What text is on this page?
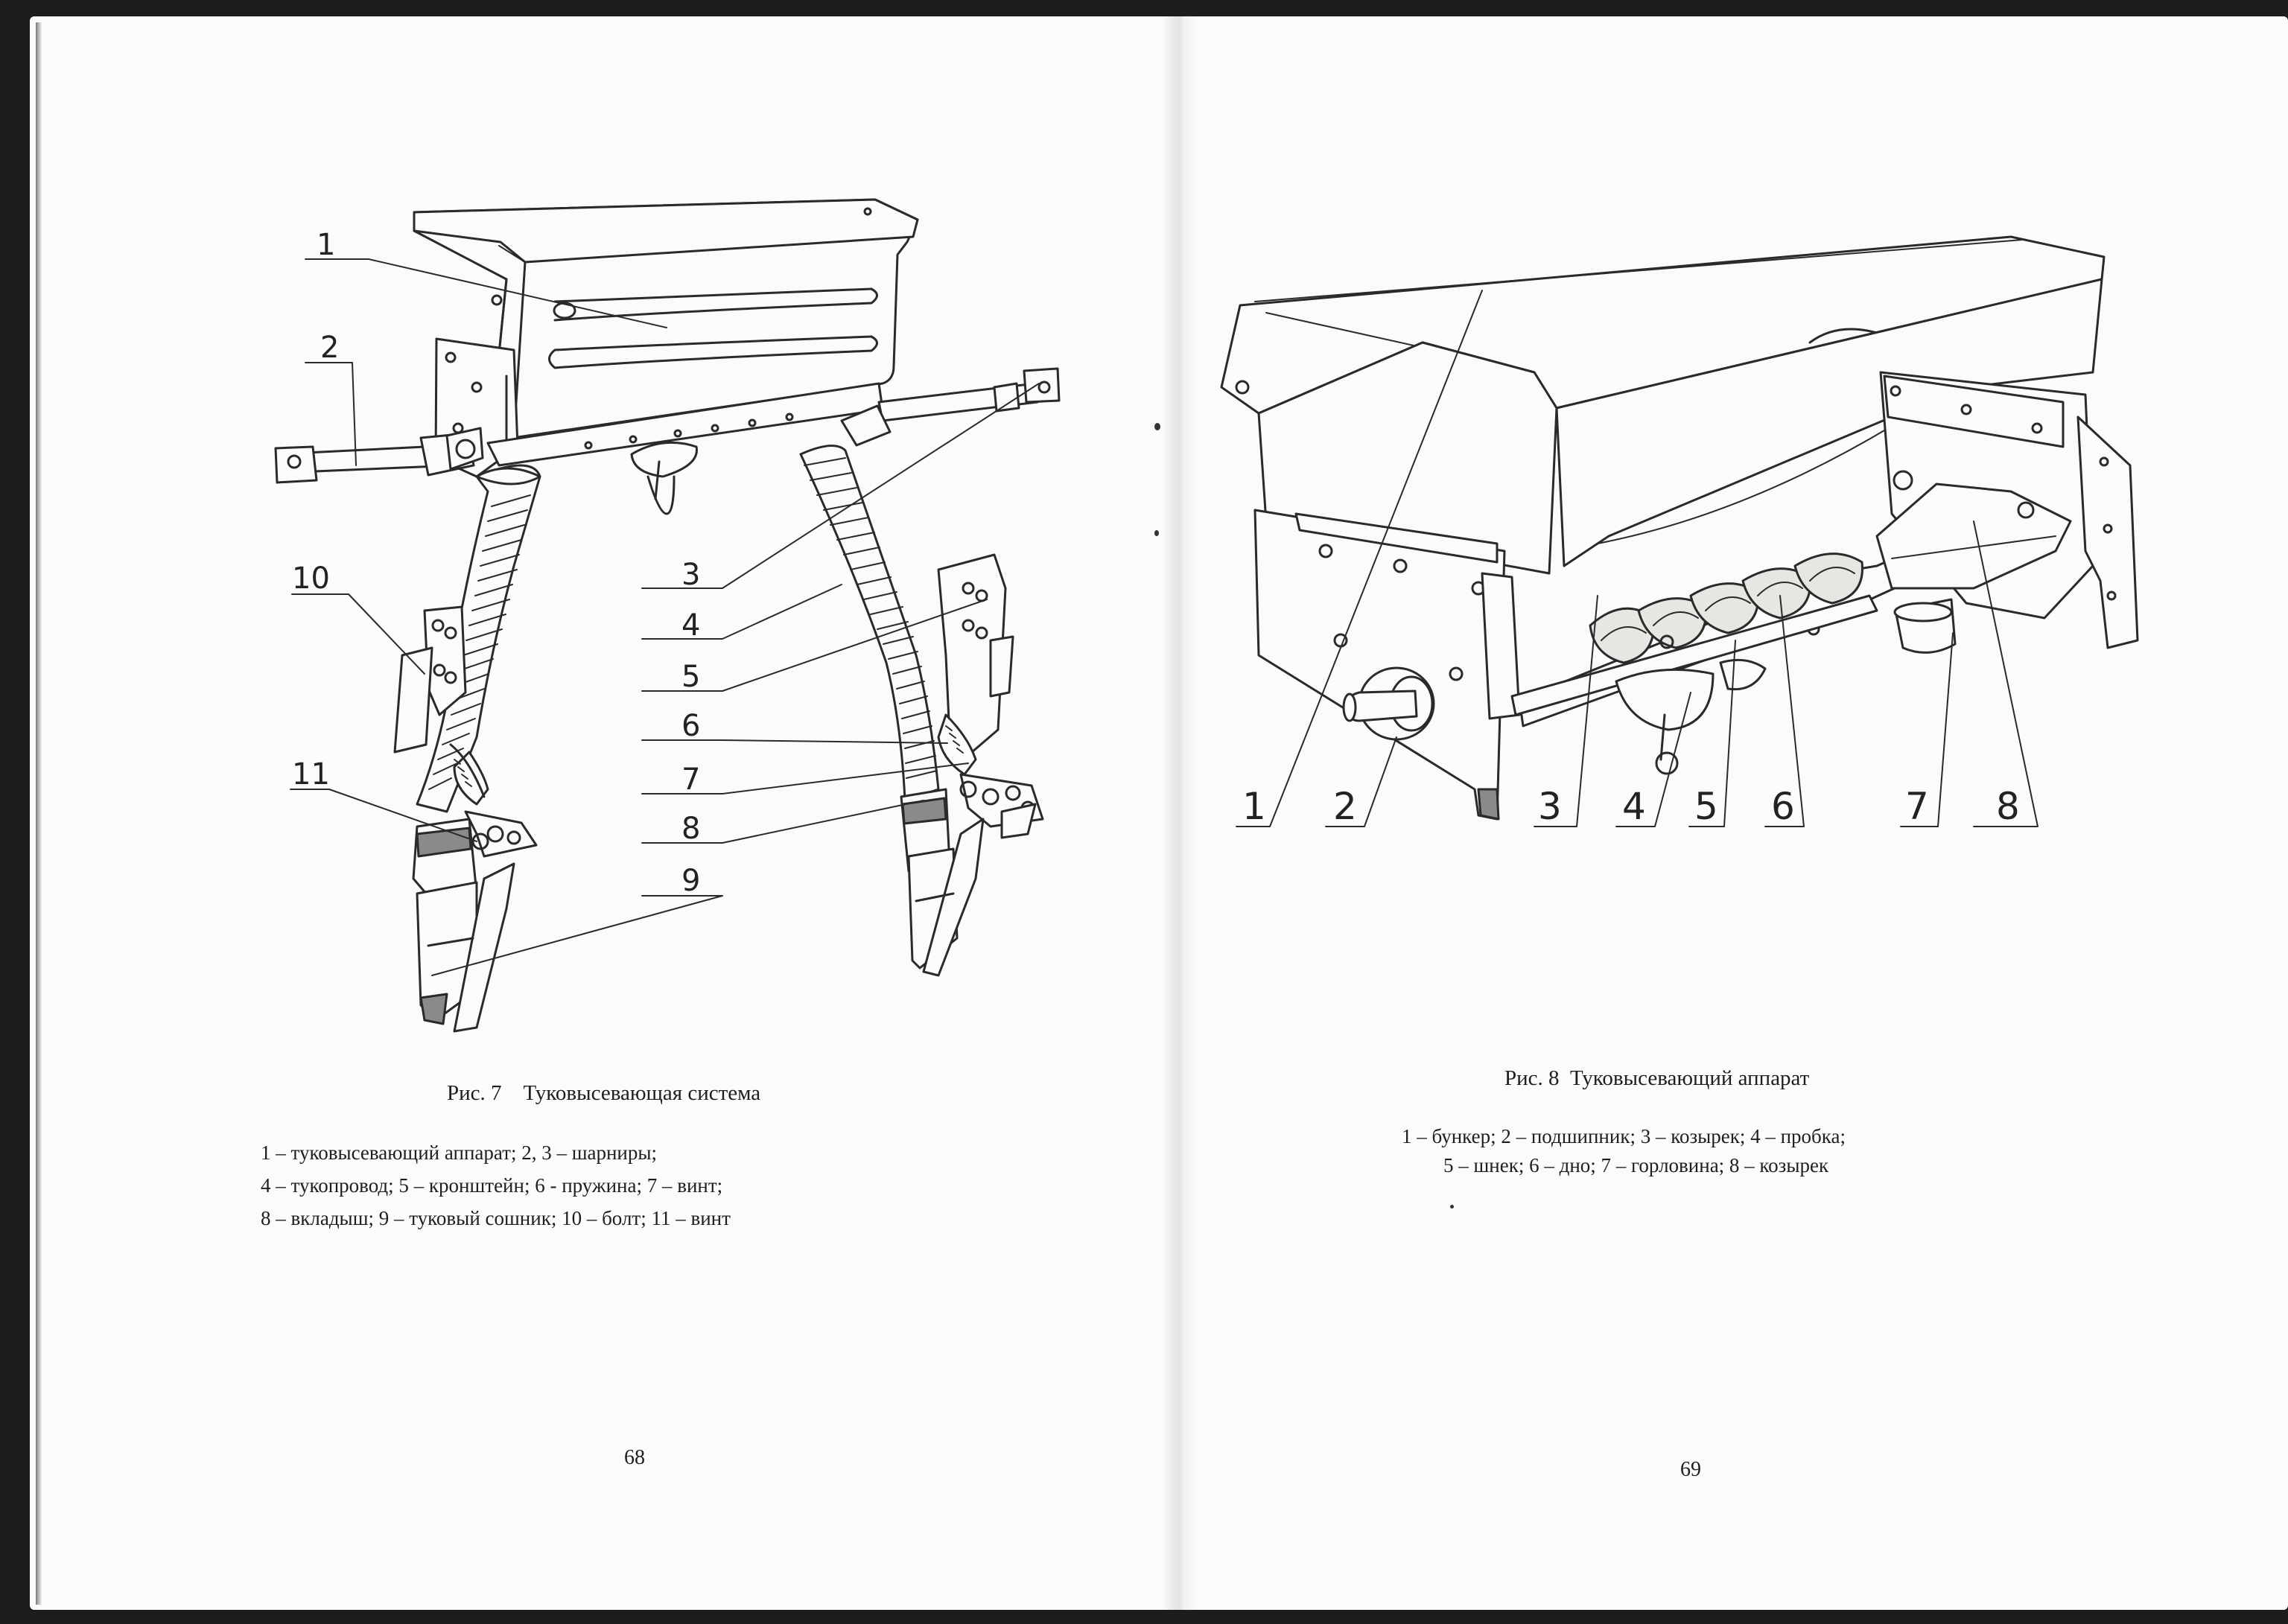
1
2
3
4
5
6
7
8
9
10
11
Рис. 7 Туковысевающая система
1 – туковысевающий аппарат; 2, 3 – шарниры;
4 – тукопровод; 5 – кронштейн; 6 - пружина; 7 – винт;
8 – вкладыш; 9 – туковый сошник; 10 – болт; 11 – винт
68
1 2	3 4 5 6	7 8
Рис. 8 Туковысевающий аппарат
1 – бункер; 2 – подшипник; 3 – козырек; 4 – пробка;
5 – шнек; 6 – дно; 7 – горловина; 8 – козырек
69
